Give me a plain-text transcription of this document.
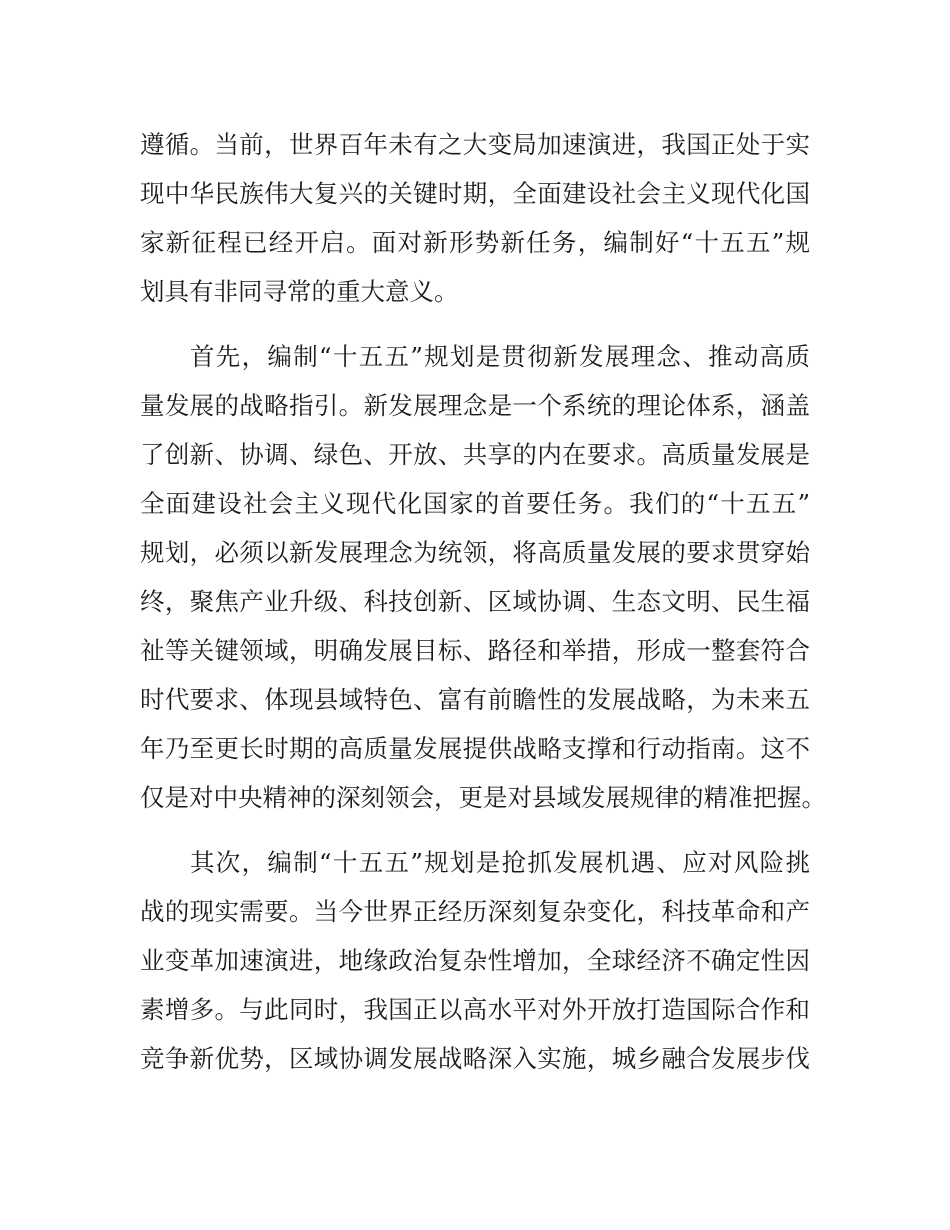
遵循。当前，世界百年未有之大变局加速演进，我国正处于实
现中华民族伟大复兴的关键时期，全面建设社会主义现代化国
家新征程已经开启。面对新形势新任务，编制好“十五五”规
划具有非同寻常的重大意义。
首先，编制“十五五”规划是贯彻新发展理念、推动高质
量发展的战略指引。新发展理念是一个系统的理论体系，涵盖
了创新、协调、绿色、开放、共享的内在要求。高质量发展是
全面建设社会主义现代化国家的首要任务。我们的“十五五”
规划，必须以新发展理念为统领，将高质量发展的要求贯穿始
终，聚焦产业升级、科技创新、区域协调、生态文明、民生福
祉等关键领域，明确发展目标、路径和举措，形成一整套符合
时代要求、体现县域特色、富有前瞻性的发展战略，为未来五
年乃至更长时期的高质量发展提供战略支撑和行动指南。这不
仅是对中央精神的深刻领会，更是对县域发展规律的精准把握。
其次，编制“十五五”规划是抢抓发展机遇、应对风险挑
战的现实需要。当今世界正经历深刻复杂变化，科技革命和产
业变革加速演进，地缘政治复杂性增加，全球经济不确定性因
素增多。与此同时，我国正以高水平对外开放打造国际合作和
竞争新优势，区域协调发展战略深入实施，城乡融合发展步伐
